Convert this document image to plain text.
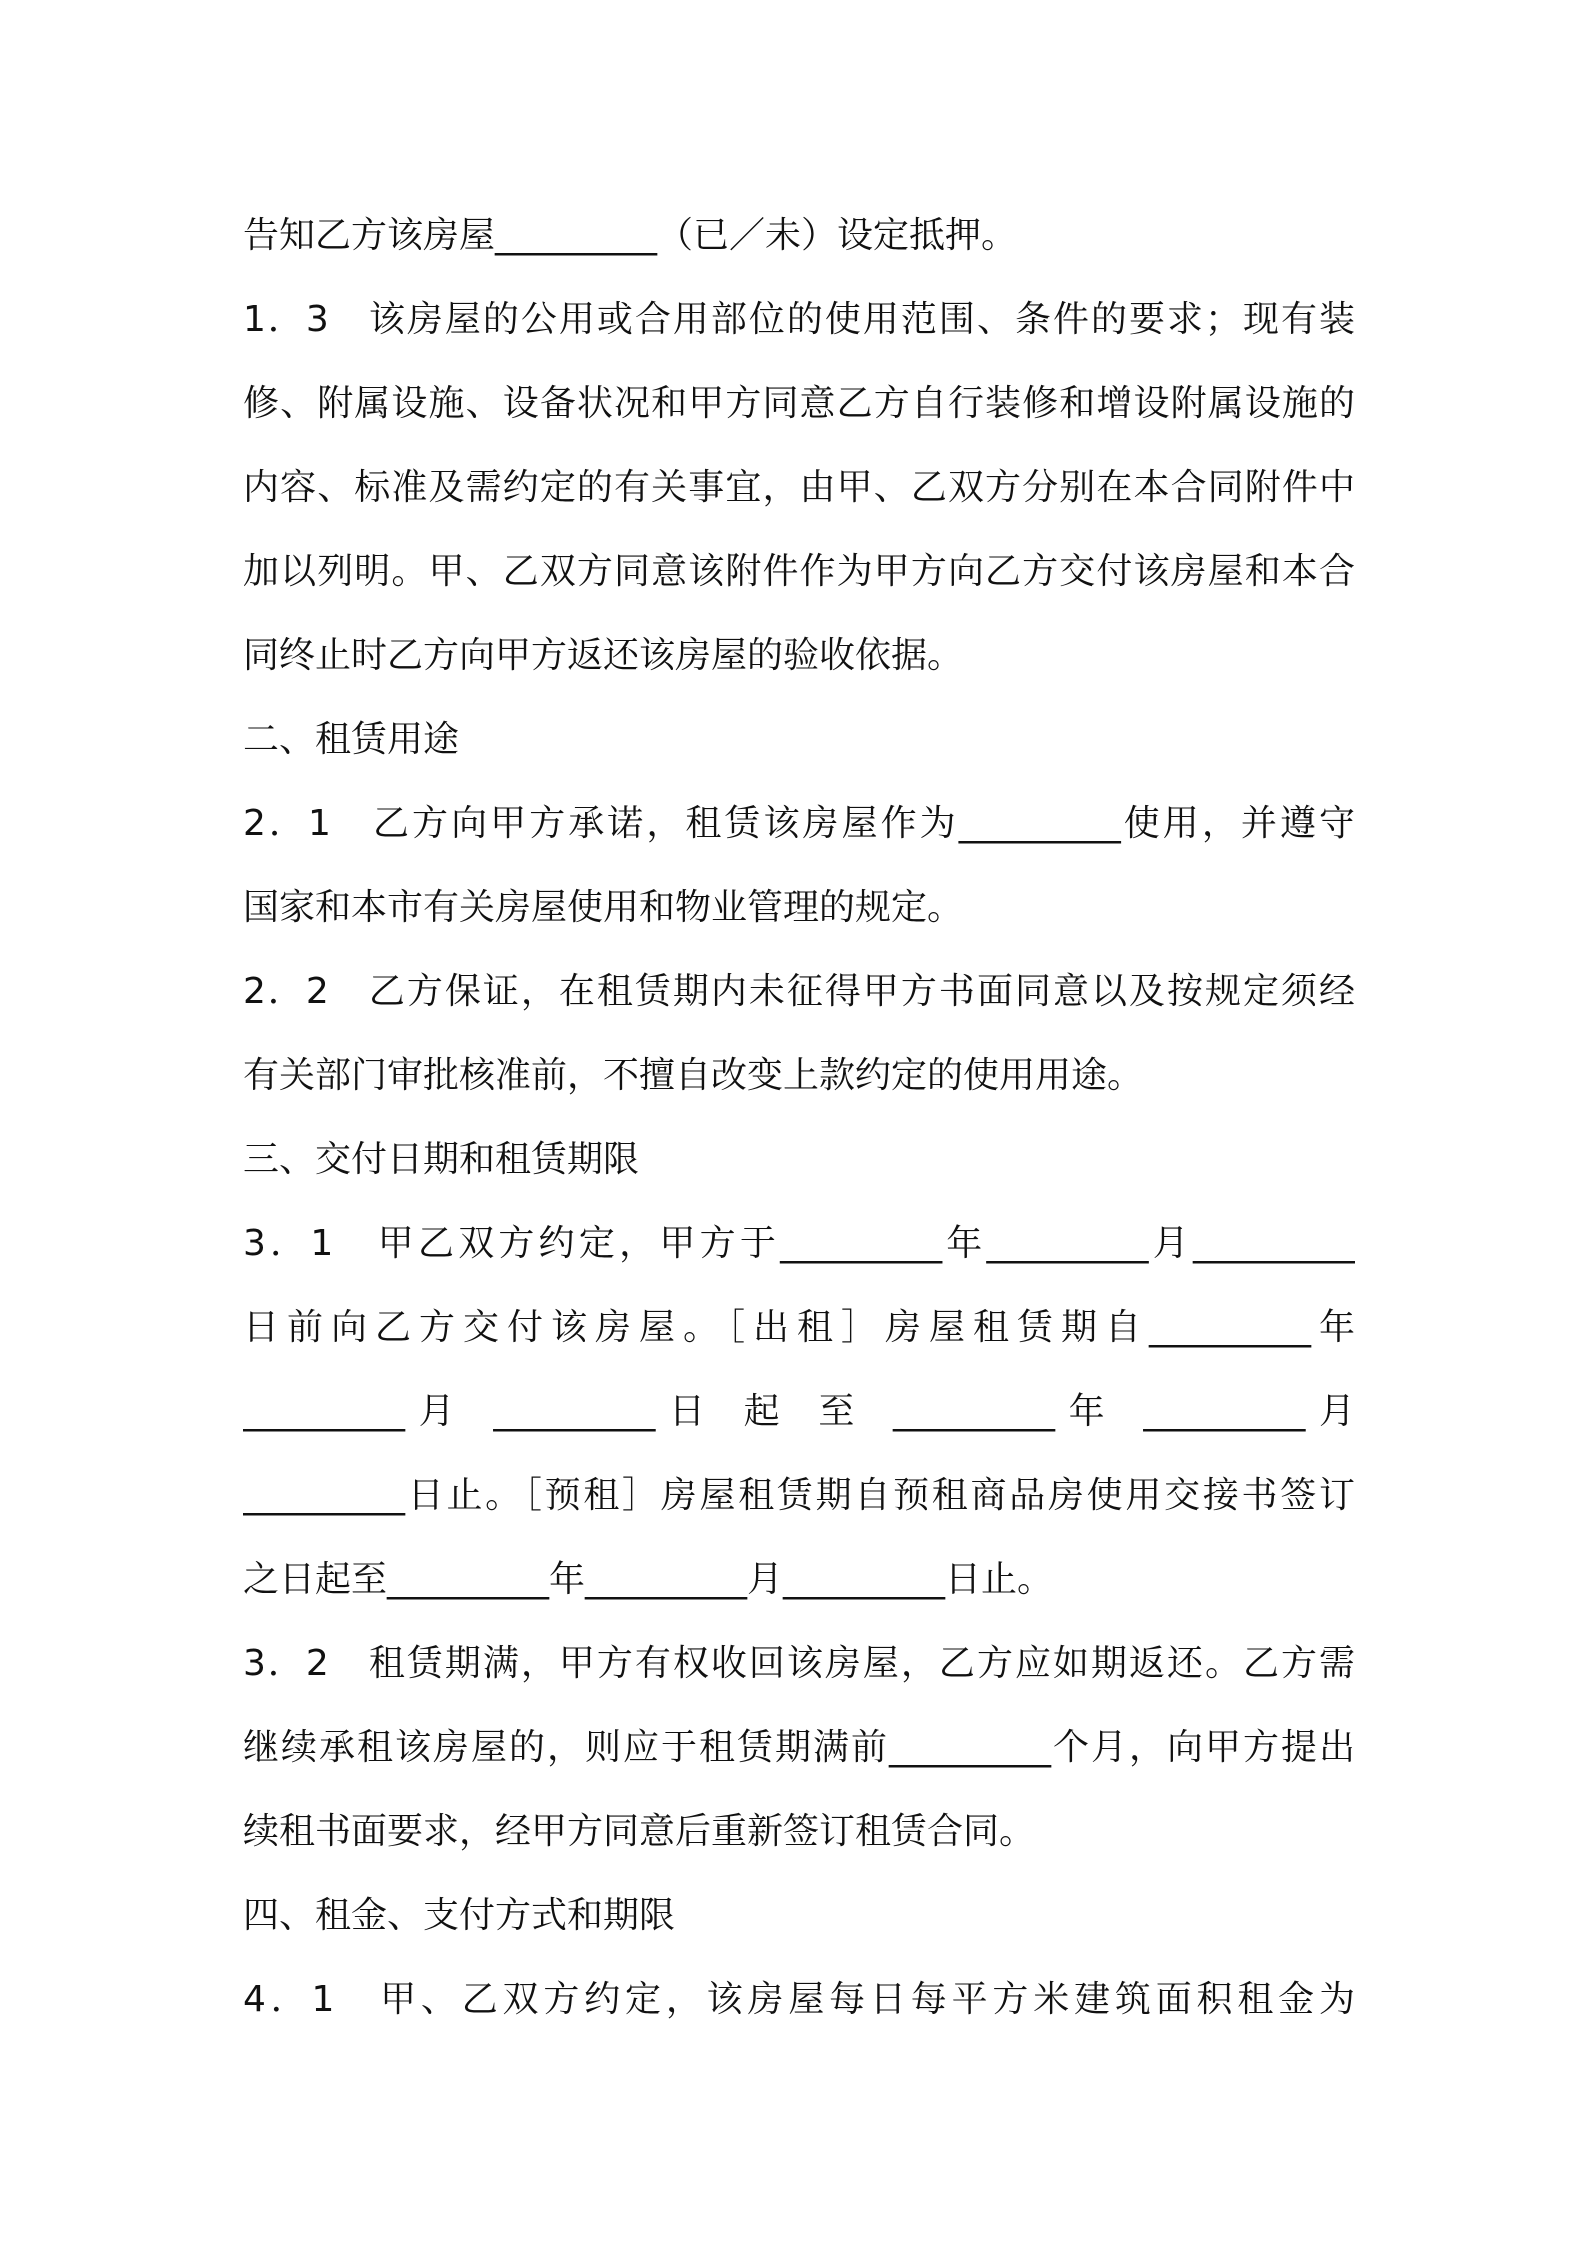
告知乙方该房屋_________（已／未）设定抵押。
1．3　该房屋的公用或合用部位的使用范围、条件的要求；现有装
修、附属设施、设备状况和甲方同意乙方自行装修和增设附属设施的
内容、标准及需约定的有关事宜，由甲、乙双方分别在本合同附件中
加以列明。甲、乙双方同意该附件作为甲方向乙方交付该房屋和本合
同终止时乙方向甲方返还该房屋的验收依据。
二、租赁用途
2．1　乙方向甲方承诺，租赁该房屋作为_________使用，并遵守
国家和本市有关房屋使用和物业管理的规定。
2．2　乙方保证，在租赁期内未征得甲方书面同意以及按规定须经
有关部门审批核准前，不擅自改变上款约定的使用用途。
三、交付日期和租赁期限
3．1　甲乙双方约定，甲方于_________年_________月_________
日前向乙方交付该房屋。［出租］房屋租赁期自_________年
_________月 _________日 起 至 _________年 _________月
_________日止。［预租］房屋租赁期自预租商品房使用交接书签订
之日起至_________年_________月_________日止。
3．2　租赁期满，甲方有权收回该房屋，乙方应如期返还。乙方需
继续承租该房屋的，则应于租赁期满前_________个月，向甲方提出
续租书面要求，经甲方同意后重新签订租赁合同。
四、租金、支付方式和期限
4．1　甲、乙双方约定，该房屋每日每平方米建筑面积租金为
